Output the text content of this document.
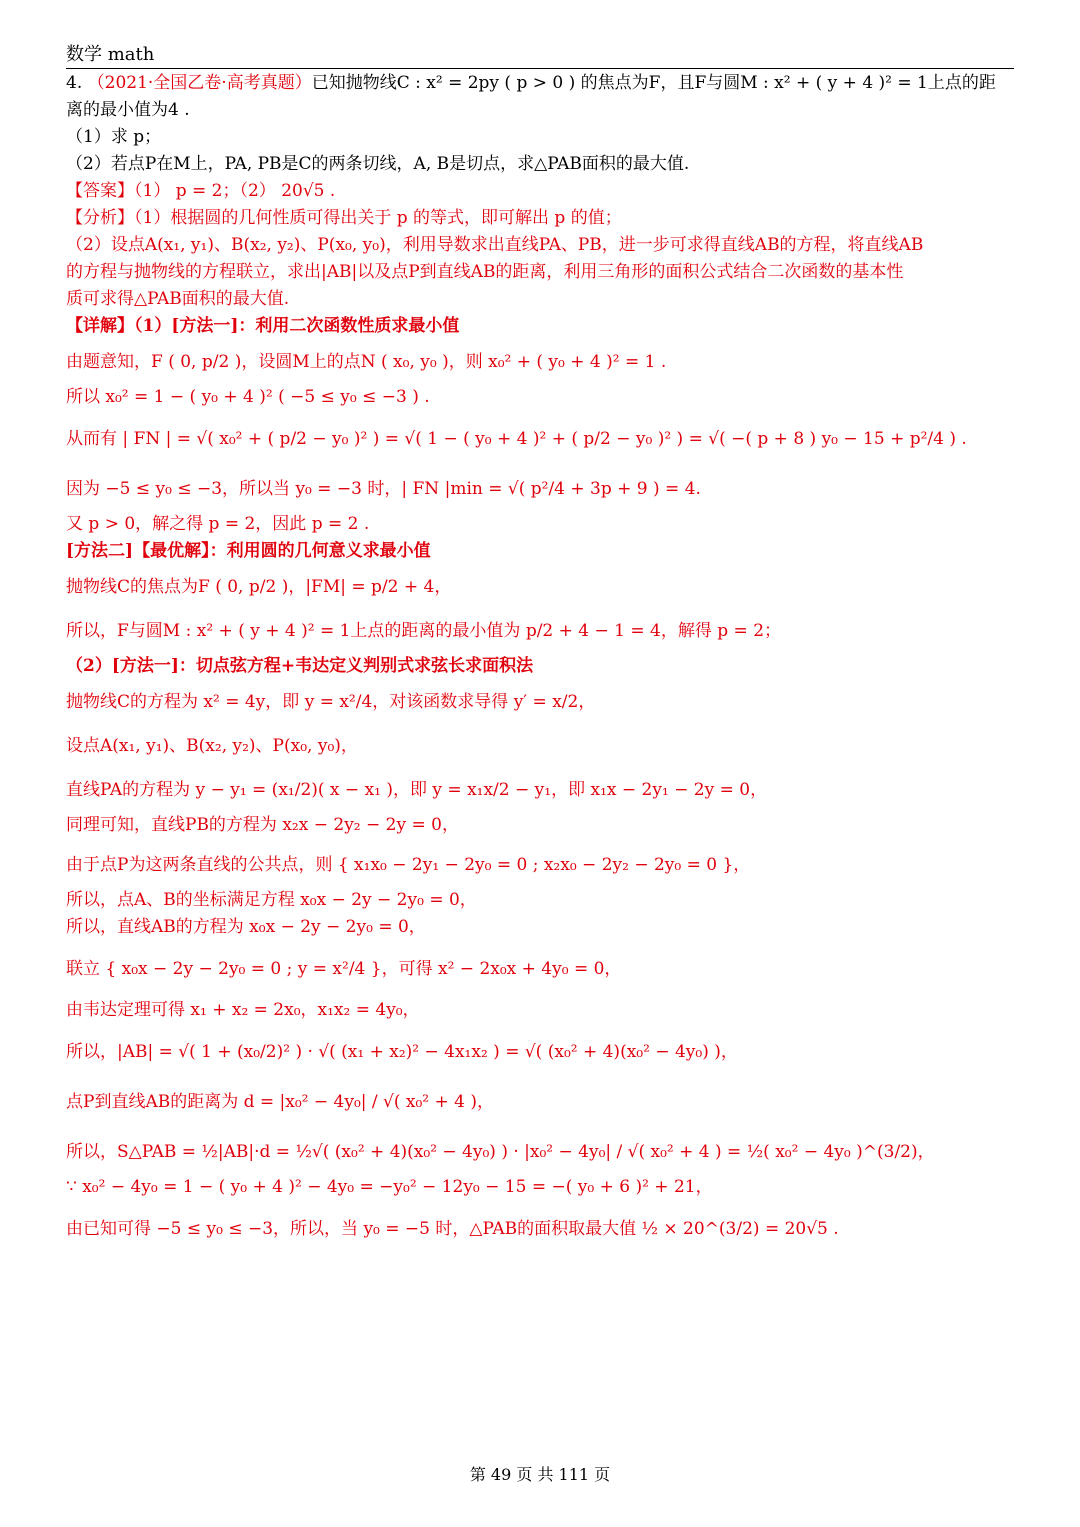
数学 math

4. （2021·全国乙卷·高考真题）已知抛物线C : x² = 2py ( p > 0 ) 的焦点为F，且F与圆M : x² + ( y + 4 )² = 1上点的距

离的最小值为4 .

（1）求 p；

（2）若点P在M上，PA, PB是C的两条切线，A, B是切点，求△PAB面积的最大值.

【答案】（1） p = 2；（2） 20√5 .

【分析】（1）根据圆的几何性质可得出关于 p 的等式，即可解出 p 的值；

（2）设点A(x₁, y₁)、B(x₂, y₂)、P(x₀, y₀)，利用导数求出直线PA、PB，进一步可求得直线AB的方程，将直线AB

的方程与抛物线的方程联立，求出|AB|以及点P到直线AB的距离，利用三角形的面积公式结合二次函数的基本性

质可求得△PAB面积的最大值.

【详解】（1）[方法一]：利用二次函数性质求最小值

由题意知，F ( 0, p/2 )，设圆M上的点N ( x₀, y₀ )，则 x₀² + ( y₀ + 4 )² = 1 .

所以 x₀² = 1 − ( y₀ + 4 )² ( −5 ≤ y₀ ≤ −3 ) .

从而有 | FN | = √( x₀² + ( p/2 − y₀ )² ) = √( 1 − ( y₀ + 4 )² + ( p/2 − y₀ )² ) = √( −( p + 8 ) y₀ − 15 + p²/4 ) .

因为 −5 ≤ y₀ ≤ −3，所以当 y₀ = −3 时，| FN |min = √( p²/4 + 3p + 9 ) = 4.

又 p > 0，解之得 p = 2，因此 p = 2 .

[方法二]【最优解】：利用圆的几何意义求最小值

抛物线C的焦点为F ( 0, p/2 )，|FM| = p/2 + 4，

所以，F与圆M : x² + ( y + 4 )² = 1上点的距离的最小值为 p/2 + 4 − 1 = 4，解得 p = 2；

（2）[方法一]：切点弦方程+韦达定义判别式求弦长求面积法

抛物线C的方程为 x² = 4y，即 y = x²/4，对该函数求导得 y′ = x/2，

设点A(x₁, y₁)、B(x₂, y₂)、P(x₀, y₀)，

直线PA的方程为 y − y₁ = (x₁/2)( x − x₁ )，即 y = x₁x/2 − y₁，即 x₁x − 2y₁ − 2y = 0，

同理可知，直线PB的方程为 x₂x − 2y₂ − 2y = 0，

由于点P为这两条直线的公共点，则 { x₁x₀ − 2y₁ − 2y₀ = 0 ; x₂x₀ − 2y₂ − 2y₀ = 0 }，

所以，点A、B的坐标满足方程 x₀x − 2y − 2y₀ = 0，

所以，直线AB的方程为 x₀x − 2y − 2y₀ = 0，

联立 { x₀x − 2y − 2y₀ = 0 ; y = x²/4 }，可得 x² − 2x₀x + 4y₀ = 0，

由韦达定理可得 x₁ + x₂ = 2x₀，x₁x₂ = 4y₀，

所以，|AB| = √( 1 + (x₀/2)² ) · √( (x₁ + x₂)² − 4x₁x₂ ) = √( (x₀² + 4)(x₀² − 4y₀) )，

点P到直线AB的距离为 d = |x₀² − 4y₀| / √( x₀² + 4 )，

所以，S△PAB = ½|AB|·d = ½√( (x₀² + 4)(x₀² − 4y₀) ) · |x₀² − 4y₀| / √( x₀² + 4 ) = ½( x₀² − 4y₀ )^(3/2)，

∵ x₀² − 4y₀ = 1 − ( y₀ + 4 )² − 4y₀ = −y₀² − 12y₀ − 15 = −( y₀ + 6 )² + 21，

由已知可得 −5 ≤ y₀ ≤ −3，所以，当 y₀ = −5 时，△PAB的面积取最大值 ½ × 20^(3/2) = 20√5 .

第 49 页 共 111 页
